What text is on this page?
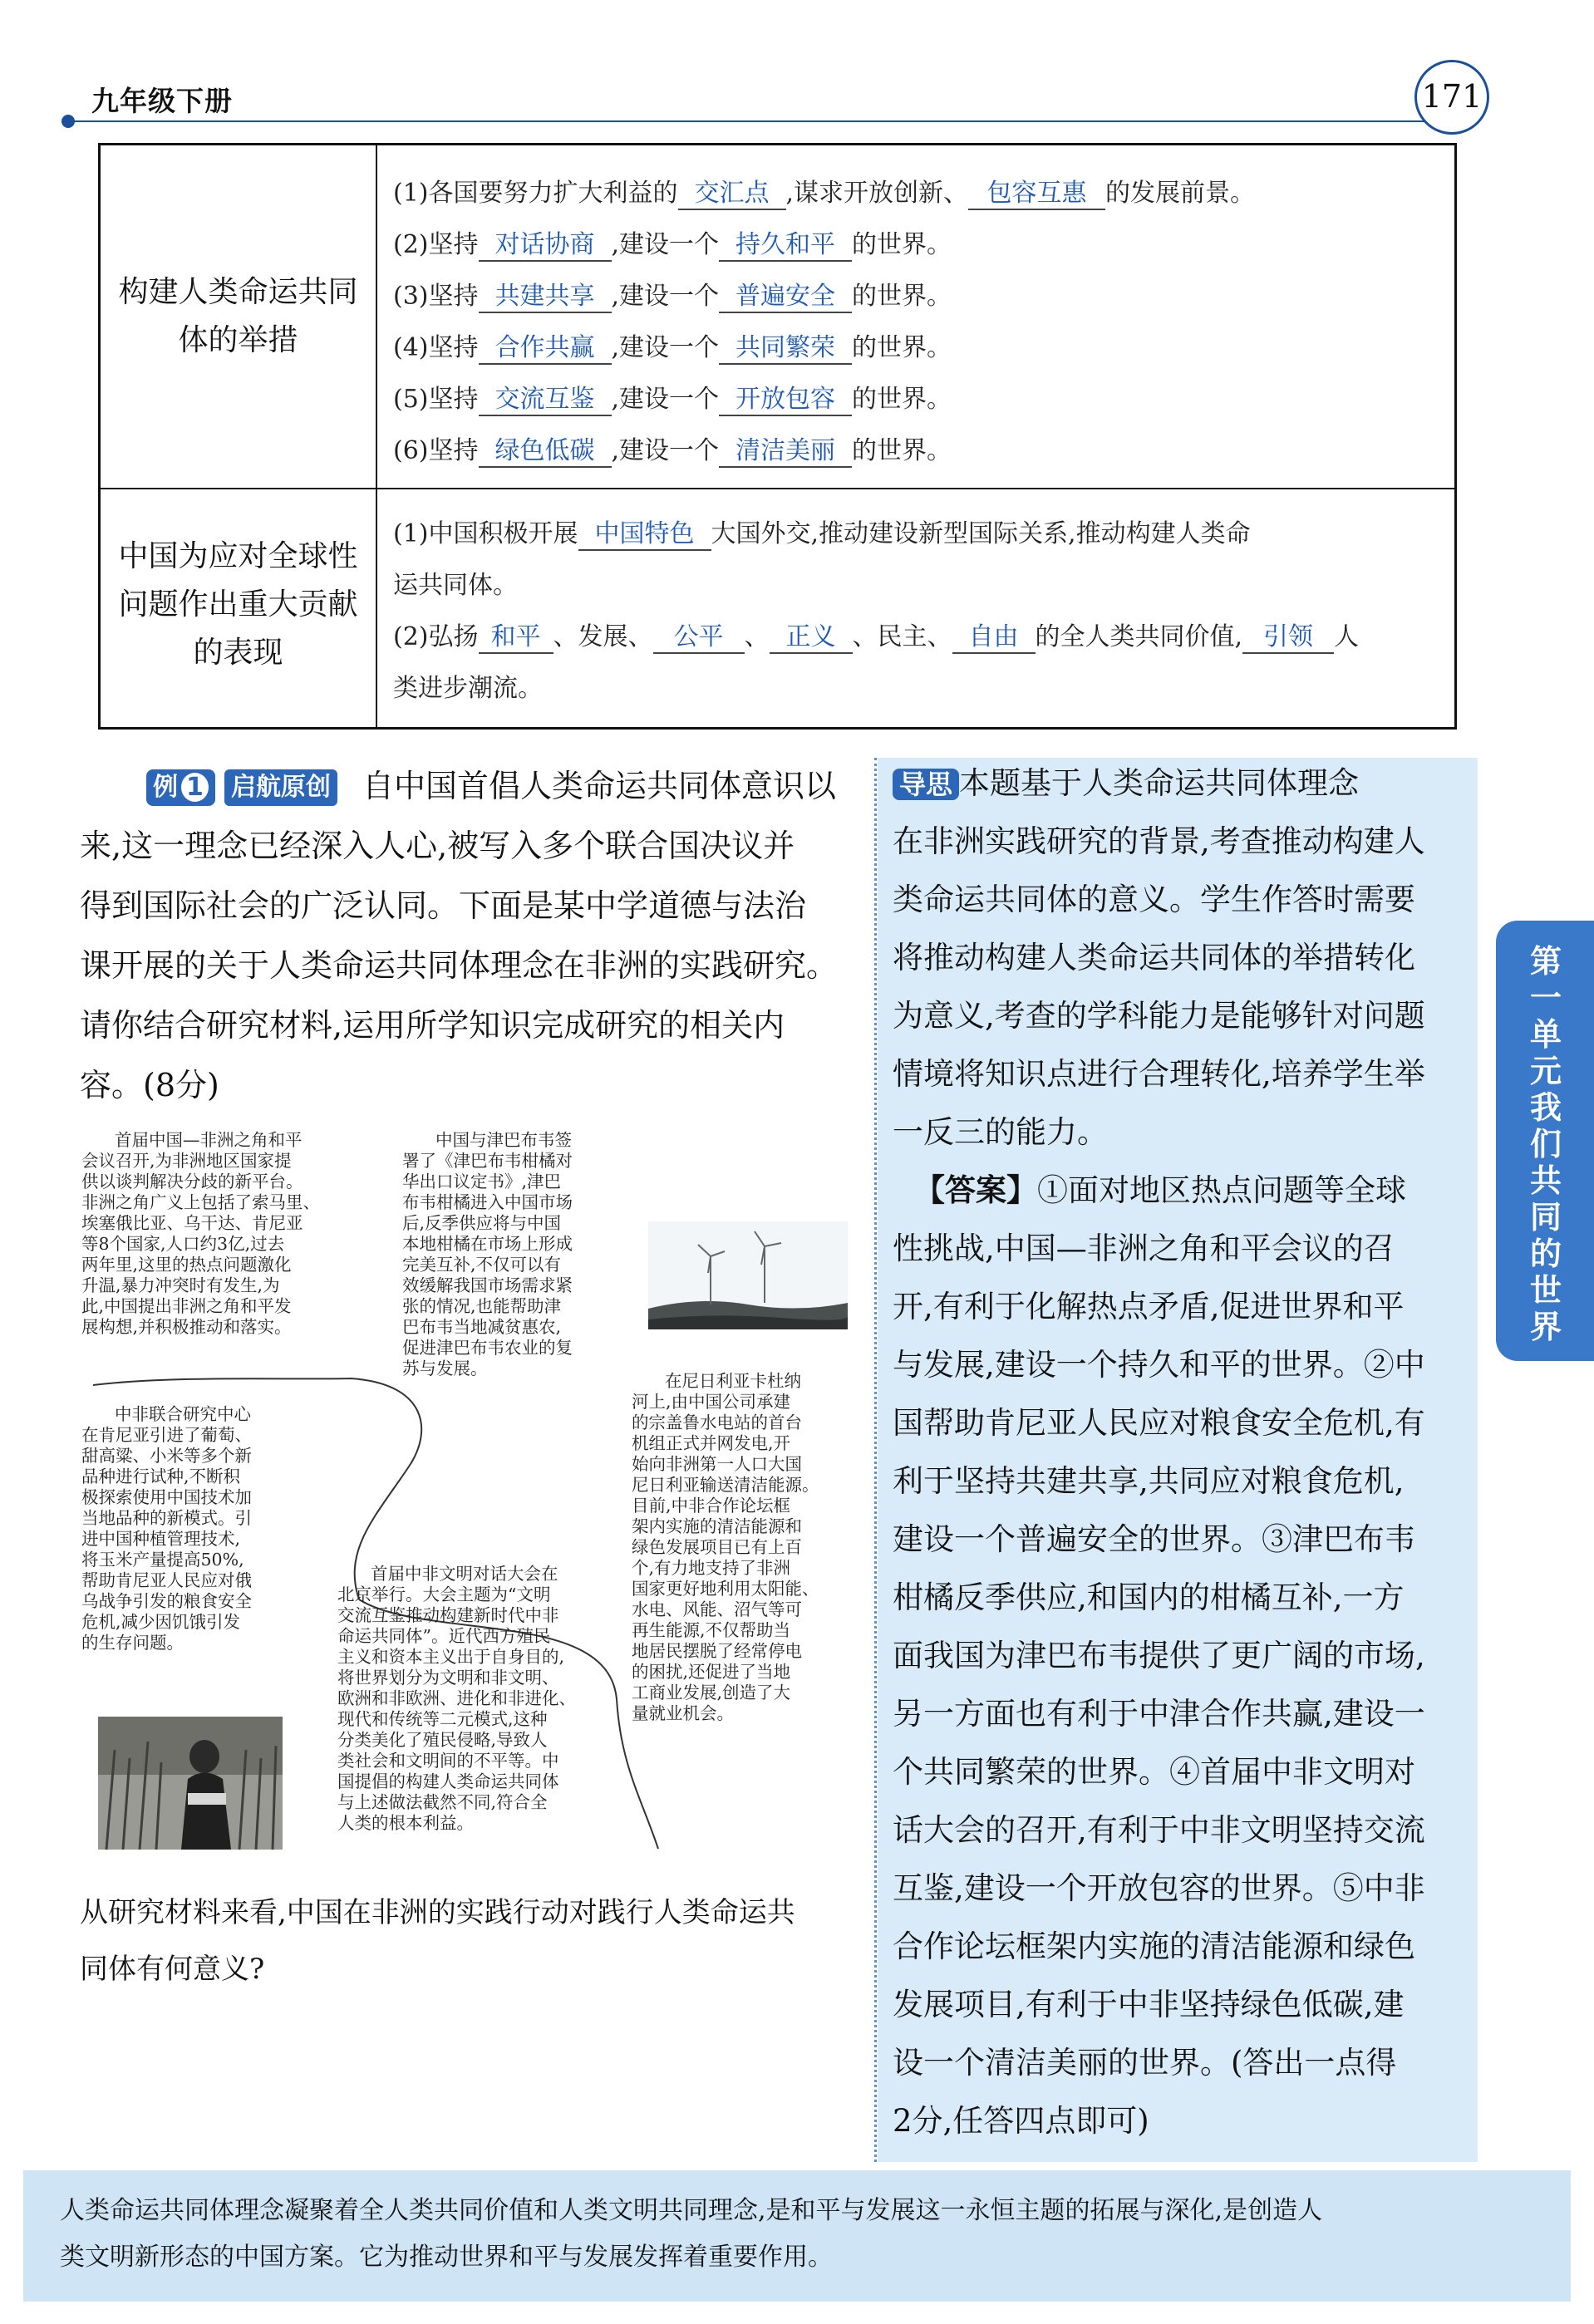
九年级下册	171
构建人类命运共同
体的举措
(1)各国要努力扩大利益的 交汇点 ,谋求开放创新、 包容互惠 的发展前景。
(2)坚持 对话协商 ,建设一个 持久和平 的世界。
(3)坚持 共建共享 ,建设一个 普遍安全 的世界。
(4)坚持 合作共赢 ,建设一个 共同繁荣 的世界。
(5)坚持 交流互鉴 ,建设一个 开放包容 的世界。
(6)坚持 绿色低碳 ,建设一个 清洁美丽 的世界。
中国为应对全球性
问题作出重大贡献
的表现
(1)中国积极开展 中国特色 大国外交,推动建设新型国际关系,推动构建人类命
运共同体。
(2)弘扬 和平 、发展、 公平 、 正义 、民主、 自由 的全人类共同价值, 引领 人
类进步潮流。
例 1	启航原创 自中国首倡人类命运共同体意识以
来,这一理念已经深入人心,被写入多个联合国决议并
得到国际社会的广泛认同。下面是某中学道德与法治
课开展的关于人类命运共同体理念在非洲的实践研究。
请你结合研究材料,运用所学知识完成研究的相关内
容。(8分)
首届中国—非洲之角和平
会议召开,为非洲地区国家提
供以谈判解决分歧的新平台。
非洲之角广义上包括了索马里、
埃塞俄比亚、乌干达、肯尼亚
等8个国家,人口约3亿,过去
两年里,这里的热点问题激化
升温,暴力冲突时有发生,为
此,中国提出非洲之角和平发
展构想,并积极推动和落实。
中国与津巴布韦签
署了《津巴布韦柑橘对
华出口议定书》,津巴
布韦柑橘进入中国市场
后,反季供应将与中国
本地柑橘在市场上形成
完美互补,不仅可以有
效缓解我国市场需求紧
张的情况,也能帮助津
巴布韦当地减贫惠农,
促进津巴布韦农业的复
苏与发展。
中非联合研究中心
在肯尼亚引进了葡萄、
甜高粱、小米等多个新
品种进行试种,不断积
极探索使用中国技术加
当地品种的新模式。引
进中国种植管理技术,
将玉米产量提高50%,
帮助肯尼亚人民应对俄
乌战争引发的粮食安全
危机,减少因饥饿引发
的生存问题。
首届中非文明对话大会在
北京举行。大会主题为“文明
交流互鉴推动构建新时代中非
命运共同体”。近代西方殖民
主义和资本主义出于自身目的,
将世界划分为文明和非文明、
欧洲和非欧洲、进化和非进化、
现代和传统等二元模式,这种
分类美化了殖民侵略,导致人
类社会和文明间的不平等。中
国提倡的构建人类命运共同体
与上述做法截然不同,符合全
人类的根本利益。
在尼日利亚卡杜纳
河上,由中国公司承建
的宗盖鲁水电站的首台
机组正式并网发电,开
始向非洲第一人口大国
尼日利亚输送清洁能源。
目前,中非合作论坛框
架内实施的清洁能源和
绿色发展项目已有上百
个,有力地支持了非洲
国家更好地利用太阳能、
水电、风能、沼气等可
再生能源,不仅帮助当
地居民摆脱了经常停电
的困扰,还促进了当地
工商业发展,创造了大
量就业机会。
从研究材料来看,中国在非洲的实践行动对践行人类命运共
同体有何意义?
导思 本题基于人类命运共同体理念
在非洲实践研究的背景,考查推动构建人
类命运共同体的意义。学生作答时需要
将推动构建人类命运共同体的举措转化
为意义,考查的学科能力是能够针对问题
情境将知识点进行合理转化,培养学生举
一反三的能力。
【答案】①面对地区热点问题等全球
性挑战,中国—非洲之角和平会议的召
开,有利于化解热点矛盾,促进世界和平
与发展,建设一个持久和平的世界。②中
国帮助肯尼亚人民应对粮食安全危机,有
利于坚持共建共享,共同应对粮食危机,
建设一个普遍安全的世界。③津巴布韦
柑橘反季供应,和国内的柑橘互补,一方
面我国为津巴布韦提供了更广阔的市场,
另一方面也有利于中津合作共赢,建设一
个共同繁荣的世界。④首届中非文明对
话大会的召开,有利于中非文明坚持交流
互鉴,建设一个开放包容的世界。⑤中非
合作论坛框架内实施的清洁能源和绿色
发展项目,有利于中非坚持绿色低碳,建
设一个清洁美丽的世界。(答出一点得
2分,任答四点即可)
第一单元 我们共同的世界
人类命运共同体理念凝聚着全人类共同价值和人类文明共同理念,是和平与发展这一永恒主题的拓展与深化,是创造人
类文明新形态的中国方案。它为推动世界和平与发展发挥着重要作用。
